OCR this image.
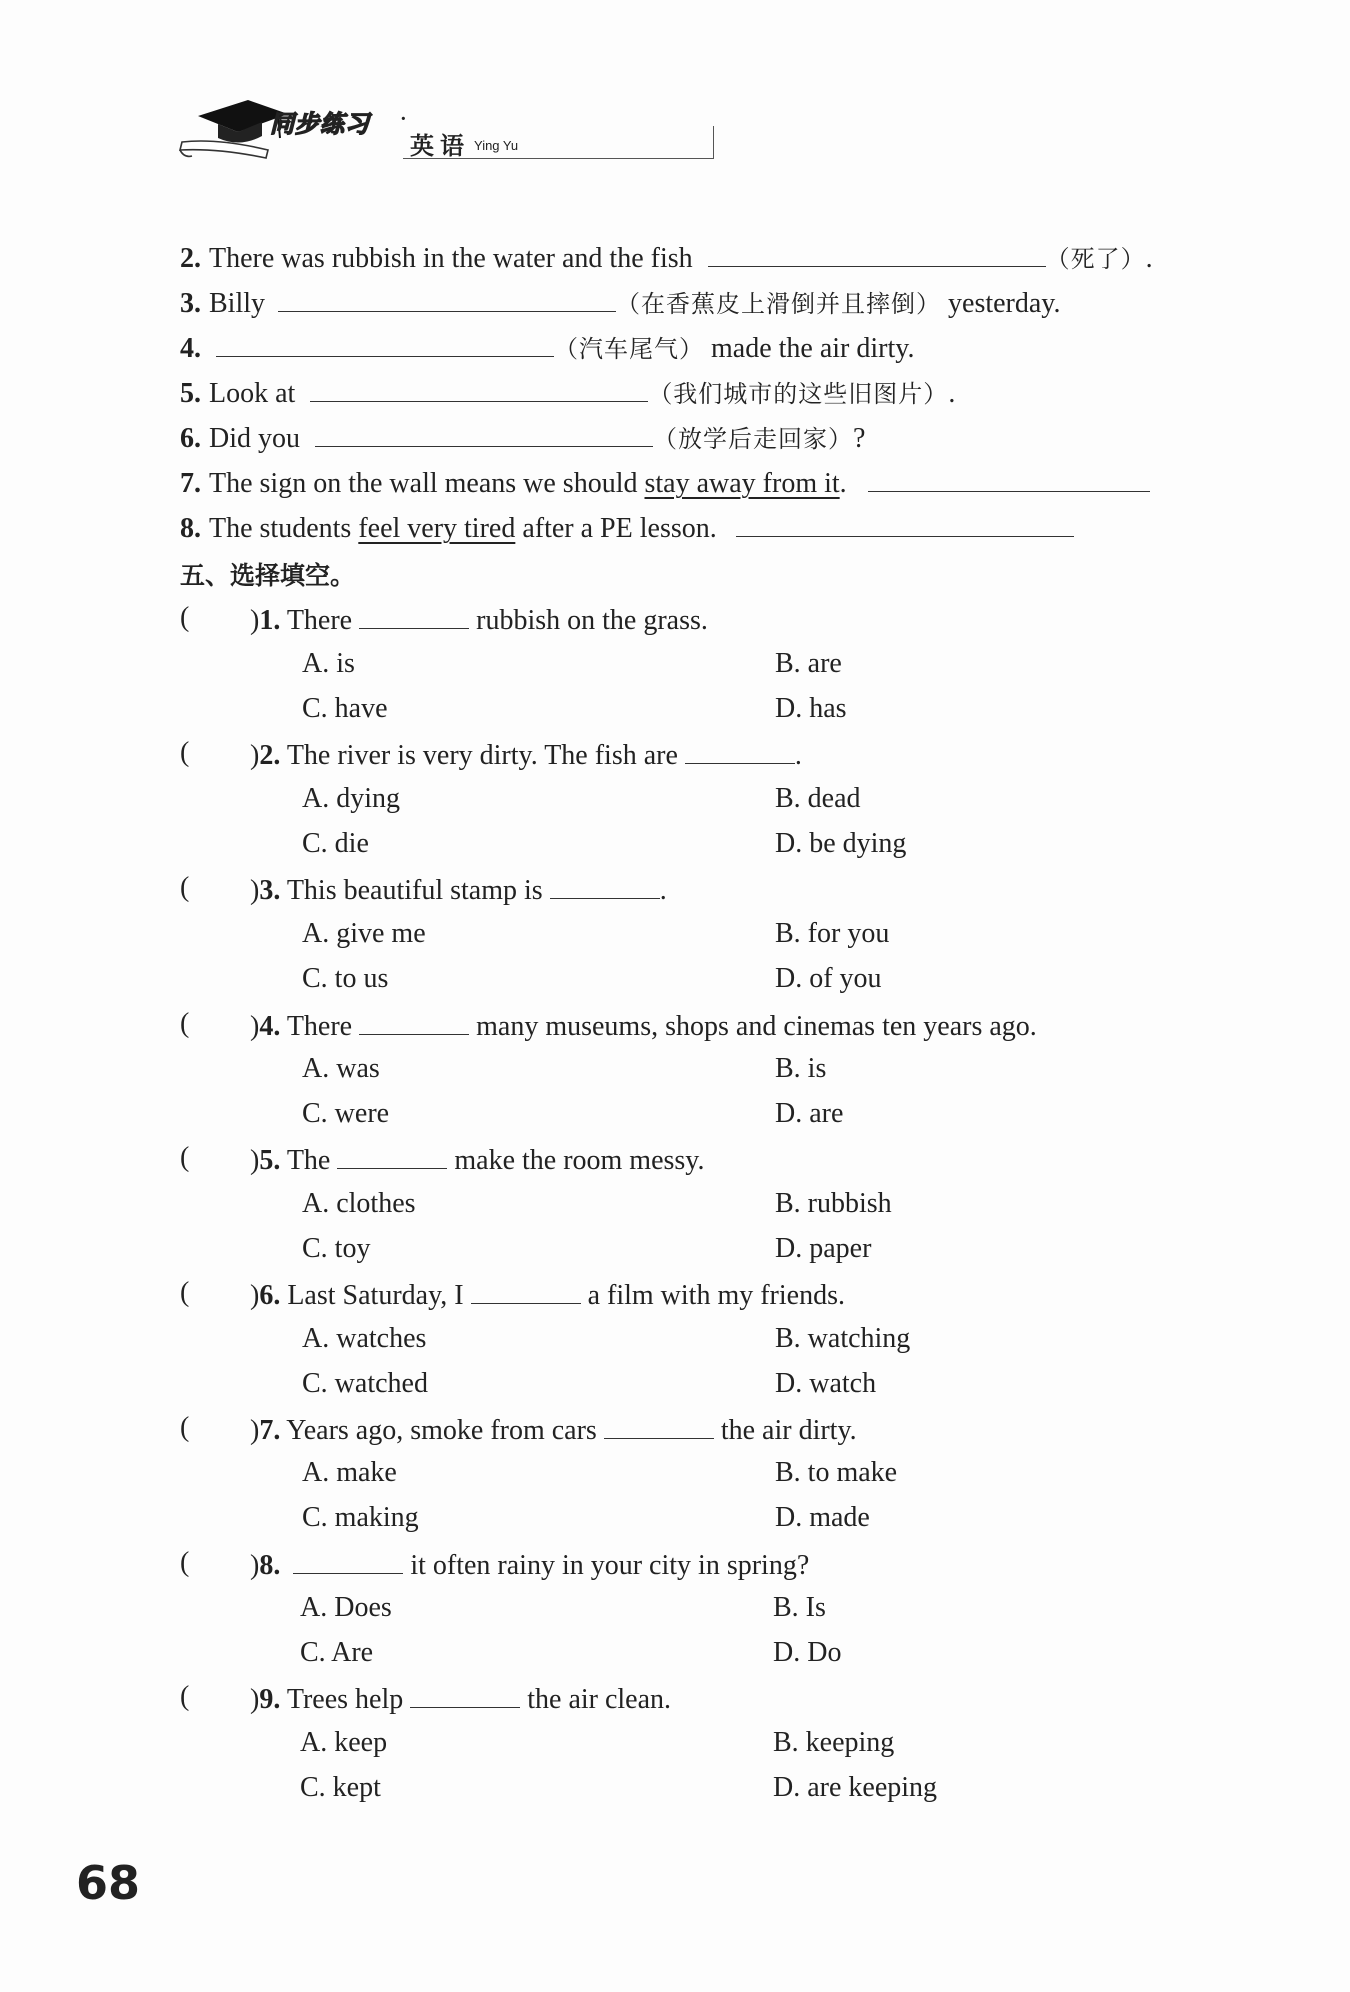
同步练习 ·
英语 Ying Yu
2. There was rubbish in the water and the fish	（死了）.
3. Billy	（在香蕉皮上滑倒并且摔倒） yesterday.
4.	（汽车尾气） made the air dirty.
5. Look at	（我们城市的这些旧图片）.
6. Did you	（放学后走回家）?
7. The sign on the wall means we should stay away from it.
8. The students feel very tired after a PE lesson.
五、选择填空。
( )1. There	rubbish on the grass.
A. is	B. are
C. have	D. has
( )2. The river is very dirty. The fish are	.
A. dying	B. dead
C. die	D. be dying
( )3. This beautiful stamp is	.
A. give me	B. for you
C. to us	D. of you
( )4. There	many museums, shops and cinemas ten years ago.
A. was	B. is
C. were	D. are
( )5. The	make the room messy.
A. clothes	B. rubbish
C. toy	D. paper
( )6. Last Saturday, I	a film with my friends.
A. watches	B. watching
C. watched	D. watch
( )7. Years ago, smoke from cars	the air dirty.
A. make	B. to make
C. making	D. made
( )8.	it often rainy in your city in spring?
A. Does	B. Is
C. Are	D. Do
( )9. Trees help	the air clean.
A. keep	B. keeping
C. kept	D. are keeping
68
